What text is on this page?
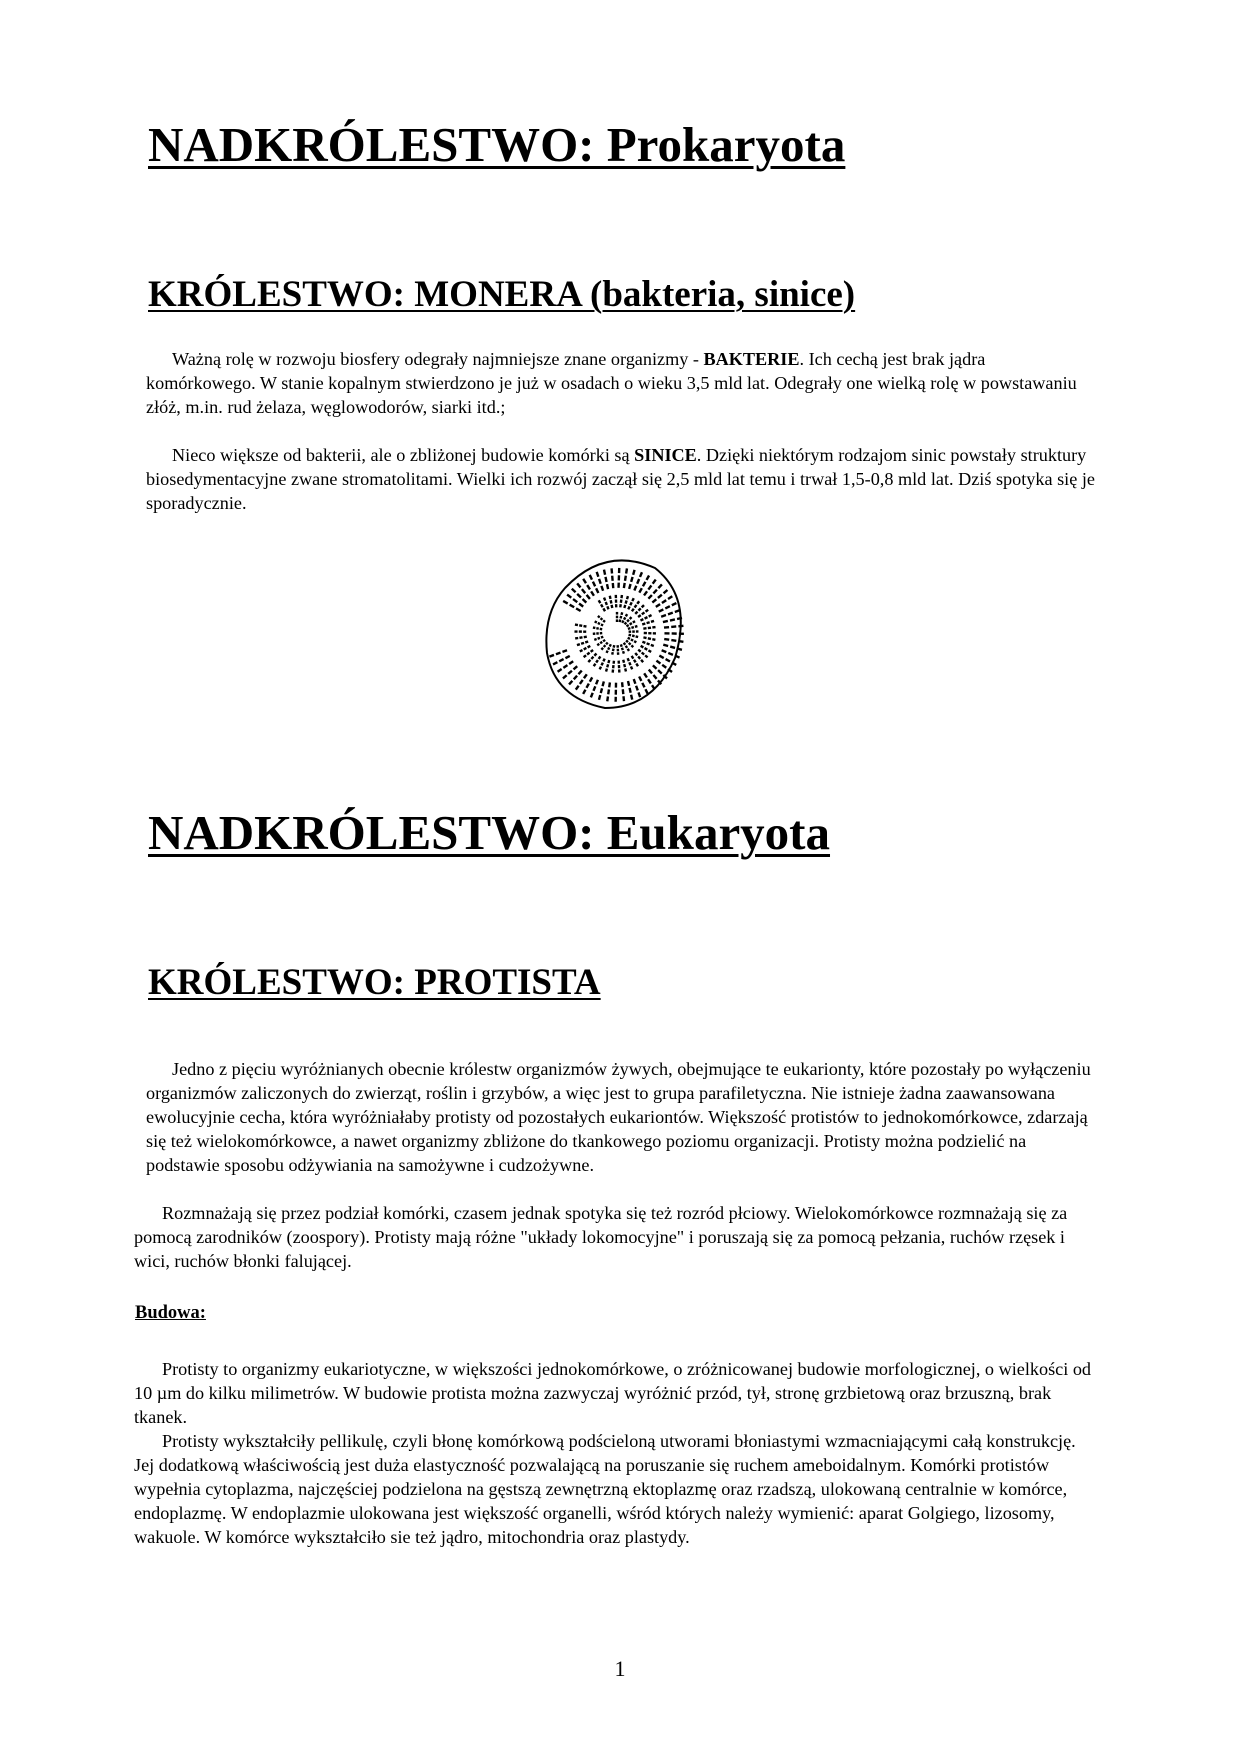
NADKRÓLESTWO: Prokaryota
KRÓLESTWO: MONERA (bakteria, sinice)

Ważną rolę w rozwoju biosfery odegrały najmniejsze znane organizmy - BAKTERIE. Ich cechą jest brak jądra komórkowego. W stanie kopalnym stwierdzono je już w osadach o wieku 3,5 mld lat. Odegrały one wielką rolę w powstawaniu złóż, m.in. rud żelaza, węglowodorów, siarki itd.;

Nieco większe od bakterii, ale o zbliżonej budowie komórki są SINICE. Dzięki niektórym rodzajom sinic powstały struktury biosedymentacyjne zwane stromatolitami. Wielki ich rozwój zaczął się 2,5 mld lat temu i trwał 1,5-0,8 mld lat. Dziś spotyka się je sporadycznie.

NADKRÓLESTWO: Eukaryota
KRÓLESTWO: PROTISTA

Jedno z pięciu wyróżnianych obecnie królestw organizmów żywych, obejmujące te eukarionty, które pozostały po wyłączeniu organizmów zaliczonych do zwierząt, roślin i grzybów, a więc jest to grupa parafiletyczna. Nie istnieje żadna zaawansowana ewolucyjnie cecha, która wyróżniałaby protisty od pozostałych eukariontów. Większość protistów to jednokomórkowce, zdarzają się też wielokomórkowce, a nawet organizmy zbliżone do tkankowego poziomu organizacji. Protisty można podzielić na podstawie sposobu odżywiania na samożywne i cudzożywne.

Rozmnażają się przez podział komórki, czasem jednak spotyka się też rozród płciowy. Wielokomórkowce rozmnażają się za pomocą zarodników (zoospory). Protisty mają różne "układy lokomocyjne" i poruszają się za pomocą pełzania, ruchów rzęsek i wici, ruchów błonki falującej.

Budowa:

Protisty to organizmy eukariotyczne, w większości jednokomórkowe, o zróżnicowanej budowie morfologicznej, o wielkości od 10 µm do kilku milimetrów. W budowie protista można zazwyczaj wyróżnić przód, tył, stronę grzbietową oraz brzuszną, brak tkanek.

Protisty wykształciły pellikulę, czyli błonę komórkową podścieloną utworami błoniastymi wzmacniającymi całą konstrukcję. Jej dodatkową właściwością jest duża elastyczność pozwalającą na poruszanie się ruchem ameboidalnym. Komórki protistów wypełnia cytoplazma, najczęściej podzielona na gęstszą zewnętrzną ektoplazmę oraz rzadszą, ulokowaną centralnie w komórce, endoplazmę. W endoplazmie ulokowana jest większość organelli, wśród których należy wymienić: aparat Golgiego, lizosomy, wakuole. W komórce wykształciło sie też jądro, mitochondria oraz plastydy.

1
